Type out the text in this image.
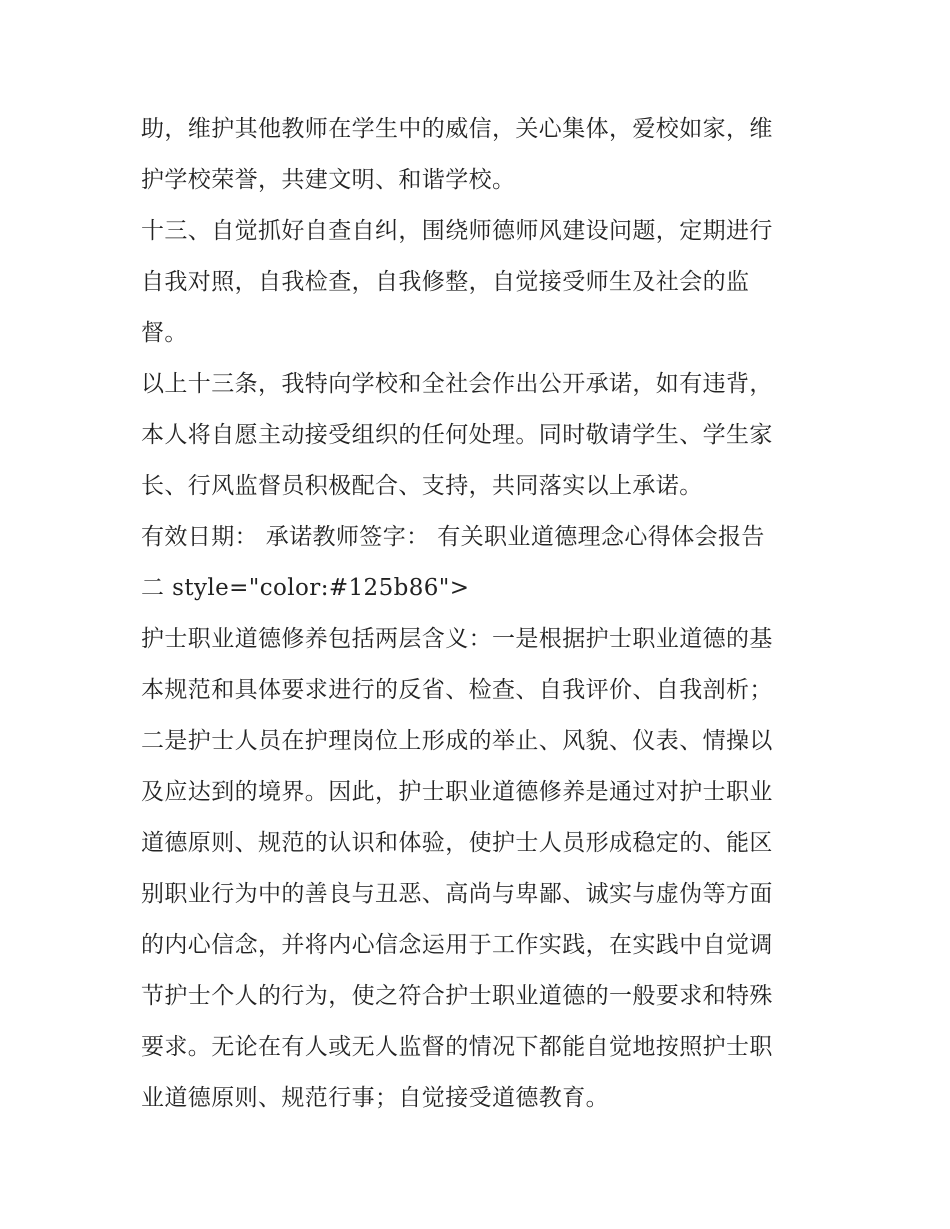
助，维护其他教师在学生中的威信，关心集体，爱校如家，维
护学校荣誉，共建文明、和谐学校。
十三、自觉抓好自查自纠，围绕师德师风建设问题，定期进行
自我对照，自我检查，自我修整，自觉接受师生及社会的监
督。
以上十三条，我特向学校和全社会作出公开承诺，如有违背，
本人将自愿主动接受组织的任何处理。同时敬请学生、学生家
长、行风监督员积极配合、支持，共同落实以上承诺。
有效日期： 承诺教师签字： 有关职业道德理念心得体会报告
二 style="color:#125b86">
护士职业道德修养包括两层含义：一是根据护士职业道德的基
本规范和具体要求进行的反省、检查、自我评价、自我剖析；
二是护士人员在护理岗位上形成的举止、风貌、仪表、情操以
及应达到的境界。因此，护士职业道德修养是通过对护士职业
道德原则、规范的认识和体验，使护士人员形成稳定的、能区
别职业行为中的善良与丑恶、高尚与卑鄙、诚实与虚伪等方面
的内心信念，并将内心信念运用于工作实践，在实践中自觉调
节护士个人的行为，使之符合护士职业道德的一般要求和特殊
要求。无论在有人或无人监督的情况下都能自觉地按照护士职
业道德原则、规范行事；自觉接受道德教育。
